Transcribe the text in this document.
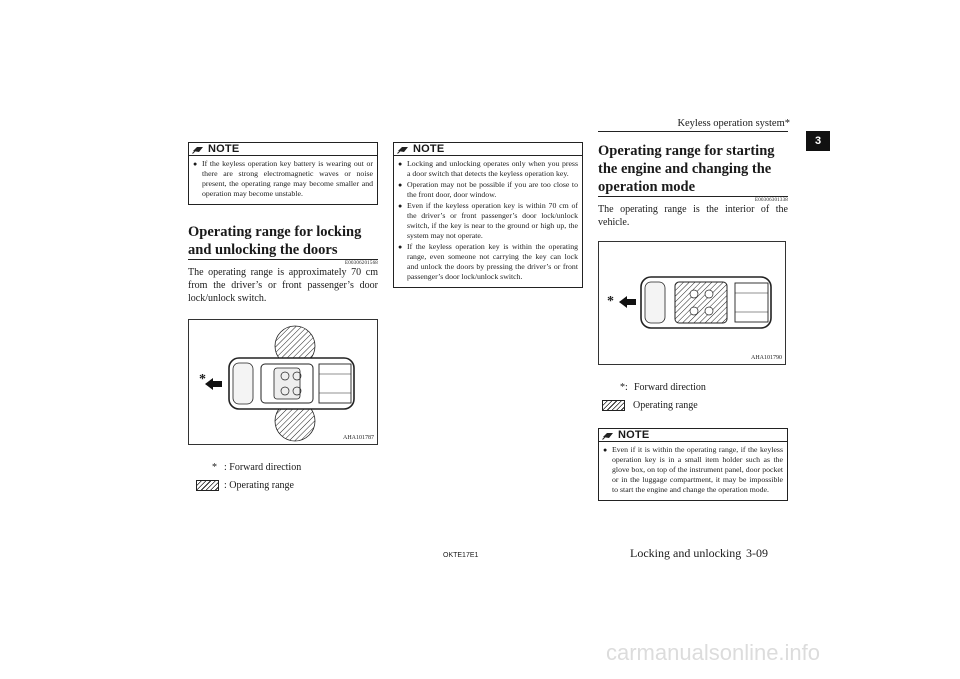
Keyless operation system*
3
NOTE
● If the keyless operation key battery is wearing out or there are strong electromagnetic waves or noise present, the operating range may become smaller and operation may become unstable.
Operating range for locking and unlocking the doors
E00306201568
The operating range is approximately 70 cm from the driver’s or front passenger’s door lock/unlock switch.
*
AHA101787
* : Forward direction
: Operating range
NOTE
● Locking and unlocking operates only when you press a door switch that detects the keyless operation key.
● Operation may not be possible if you are too close to the front door, door window.
● Even if the keyless operation key is within 70 cm of the driver’s or front passenger’s door lock/unlock switch, if the key is near to the ground or high up, the system may not operate.
● If the keyless operation key is within the operating range, even someone not carrying the key can lock and unlock the doors by pressing the driver’s or front passenger’s door lock/unlock switch.
Operating range for starting the engine and changing the operation mode
E00306301338
The operating range is the interior of the vehicle.
*
AHA101790
*: Forward direction
Operating range
NOTE
● Even if it is within the operating range, if the keyless operation key is in a small item holder such as the glove box, on top of the instrument panel, door pocket or in the luggage compartment, it may be impossible to start the engine and change the operation mode.
OKTE17E1	Locking and unlocking 3-09
carmanualsonline.info
